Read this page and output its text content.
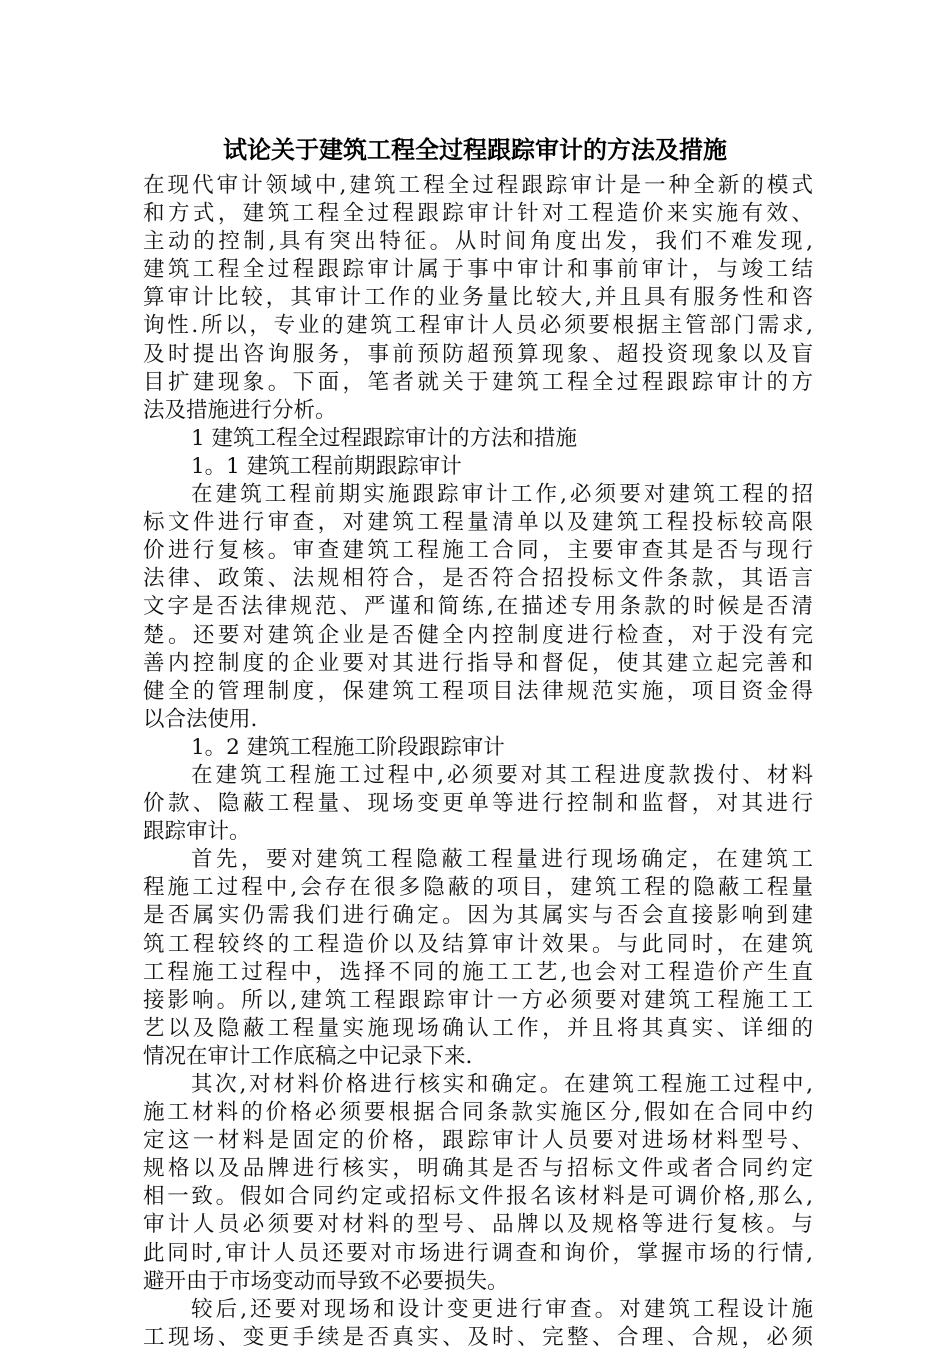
试论关于建筑工程全过程跟踪审计的方法及措施
在现代审计领域中,建筑工程全过程跟踪审计是一种全新的模式
和方式，建筑工程全过程跟踪审计针对工程造价来实施有效、
主动的控制,具有突出特征。从时间角度出发，我们不难发现,
建筑工程全过程跟踪审计属于事中审计和事前审计，与竣工结
算审计比较，其审计工作的业务量比较大,并且具有服务性和咨
询性.所以，专业的建筑工程审计人员必须要根据主管部门需求,
及时提出咨询服务，事前预防超预算现象、超投资现象以及盲
目扩建现象。下面，笔者就关于建筑工程全过程跟踪审计的方
法及措施进行分析。
1 建筑工程全过程跟踪审计的方法和措施
1。1 建筑工程前期跟踪审计
在建筑工程前期实施跟踪审计工作,必须要对建筑工程的招
标文件进行审查，对建筑工程量清单以及建筑工程投标较高限
价进行复核。审查建筑工程施工合同，主要审查其是否与现行
法律、政策、法规相符合，是否符合招投标文件条款，其语言
文字是否法律规范、严谨和简练,在描述专用条款的时候是否清
楚。还要对建筑企业是否健全内控制度进行检查，对于没有完
善内控制度的企业要对其进行指导和督促，使其建立起完善和
健全的管理制度，保建筑工程项目法律规范实施，项目资金得
以合法使用.
1。2 建筑工程施工阶段跟踪审计
在建筑工程施工过程中,必须要对其工程进度款拨付、材料
价款、隐蔽工程量、现场变更单等进行控制和监督，对其进行
跟踪审计。
首先，要对建筑工程隐蔽工程量进行现场确定，在建筑工
程施工过程中,会存在很多隐蔽的项目，建筑工程的隐蔽工程量
是否属实仍需我们进行确定。因为其属实与否会直接影响到建
筑工程较终的工程造价以及结算审计效果。与此同时，在建筑
工程施工过程中，选择不同的施工工艺,也会对工程造价产生直
接影响。所以,建筑工程跟踪审计一方必须要对建筑工程施工工
艺以及隐蔽工程量实施现场确认工作，并且将其真实、详细的
情况在审计工作底稿之中记录下来.
其次,对材料价格进行核实和确定。在建筑工程施工过程中,
施工材料的价格必须要根据合同条款实施区分,假如在合同中约
定这一材料是固定的价格，跟踪审计人员要对进场材料型号、
规格以及品牌进行核实，明确其是否与招标文件或者合同约定
相一致。假如合同约定或招标文件报名该材料是可调价格,那么,
审计人员必须要对材料的型号、品牌以及规格等进行复核。与
此同时,审计人员还要对市场进行调查和询价，掌握市场的行情,
避开由于市场变动而导致不必要损失。
较后,还要对现场和设计变更进行审查。对建筑工程设计施
工现场、变更手续是否真实、及时、完整、合理、合规，必须
